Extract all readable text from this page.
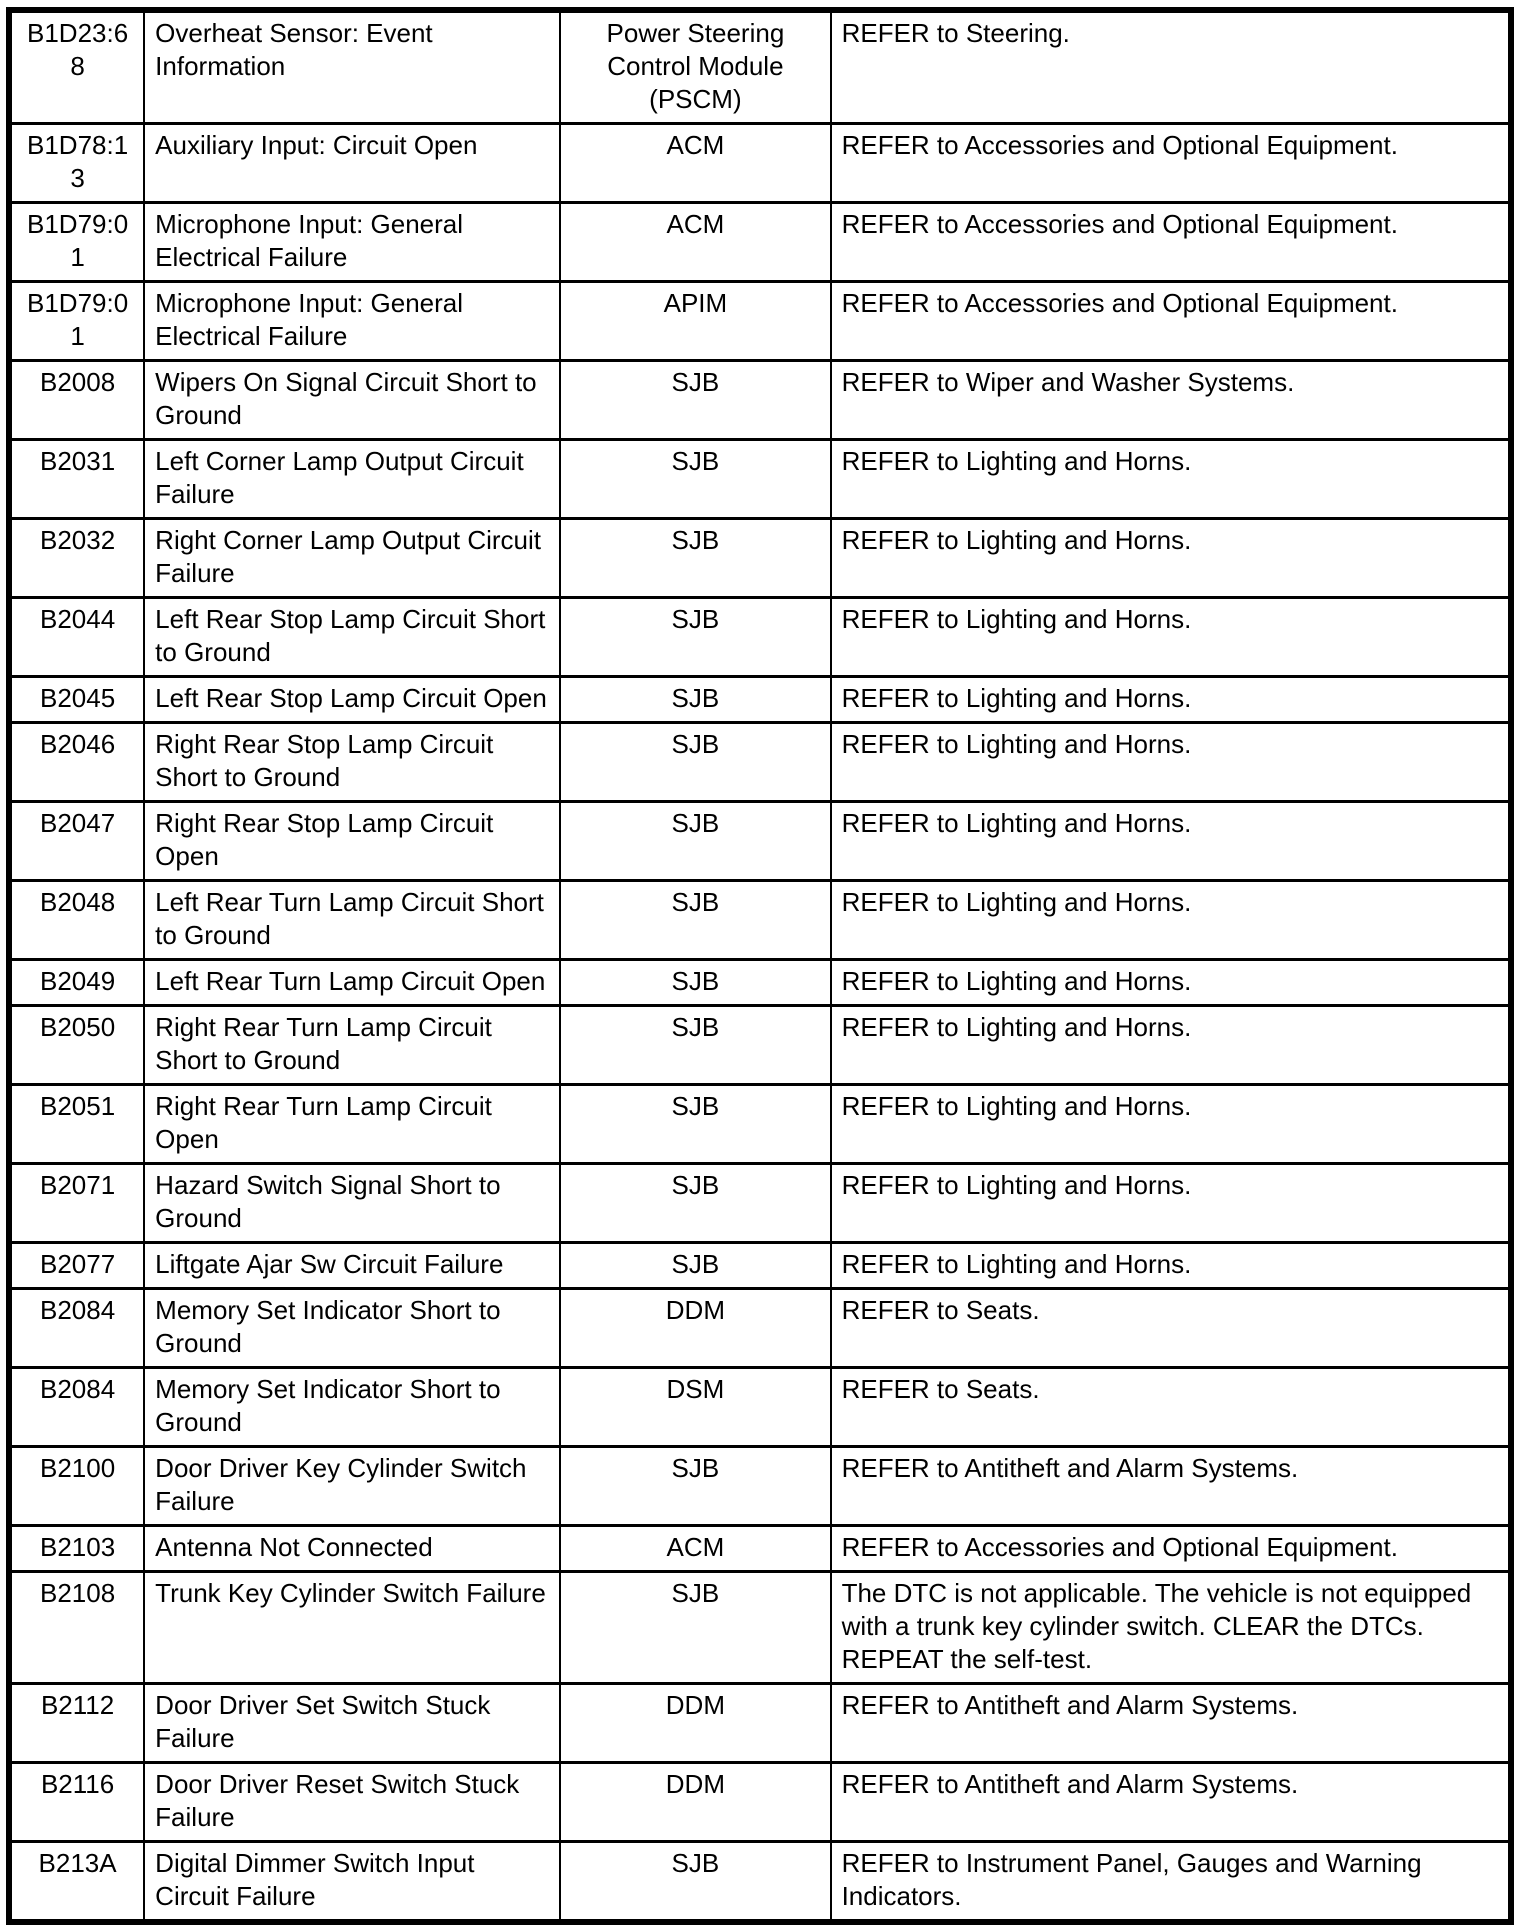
B1D23:68	Overheat Sensor: Event Information	Power Steering Control Module (PSCM)	REFER to Steering.
B1D78:13	Auxiliary Input: Circuit Open	ACM	REFER to Accessories and Optional Equipment.
B1D79:01	Microphone Input: General Electrical Failure	ACM	REFER to Accessories and Optional Equipment.
B1D79:01	Microphone Input: General Electrical Failure	APIM	REFER to Accessories and Optional Equipment.
B2008	Wipers On Signal Circuit Short to Ground	SJB	REFER to Wiper and Washer Systems.
B2031	Left Corner Lamp Output Circuit Failure	SJB	REFER to Lighting and Horns.
B2032	Right Corner Lamp Output Circuit Failure	SJB	REFER to Lighting and Horns.
B2044	Left Rear Stop Lamp Circuit Short to Ground	SJB	REFER to Lighting and Horns.
B2045	Left Rear Stop Lamp Circuit Open	SJB	REFER to Lighting and Horns.
B2046	Right Rear Stop Lamp Circuit Short to Ground	SJB	REFER to Lighting and Horns.
B2047	Right Rear Stop Lamp Circuit Open	SJB	REFER to Lighting and Horns.
B2048	Left Rear Turn Lamp Circuit Short to Ground	SJB	REFER to Lighting and Horns.
B2049	Left Rear Turn Lamp Circuit Open	SJB	REFER to Lighting and Horns.
B2050	Right Rear Turn Lamp Circuit Short to Ground	SJB	REFER to Lighting and Horns.
B2051	Right Rear Turn Lamp Circuit Open	SJB	REFER to Lighting and Horns.
B2071	Hazard Switch Signal Short to Ground	SJB	REFER to Lighting and Horns.
B2077	Liftgate Ajar Sw Circuit Failure	SJB	REFER to Lighting and Horns.
B2084	Memory Set Indicator Short to Ground	DDM	REFER to Seats.
B2084	Memory Set Indicator Short to Ground	DSM	REFER to Seats.
B2100	Door Driver Key Cylinder Switch Failure	SJB	REFER to Antitheft and Alarm Systems.
B2103	Antenna Not Connected	ACM	REFER to Accessories and Optional Equipment.
B2108	Trunk Key Cylinder Switch Failure	SJB	The DTC is not applicable. The vehicle is not equipped with a trunk key cylinder switch. CLEAR the DTCs. REPEAT the self-test.
B2112	Door Driver Set Switch Stuck Failure	DDM	REFER to Antitheft and Alarm Systems.
B2116	Door Driver Reset Switch Stuck Failure	DDM	REFER to Antitheft and Alarm Systems.
B213A	Digital Dimmer Switch Input Circuit Failure	SJB	REFER to Instrument Panel, Gauges and Warning Indicators.
